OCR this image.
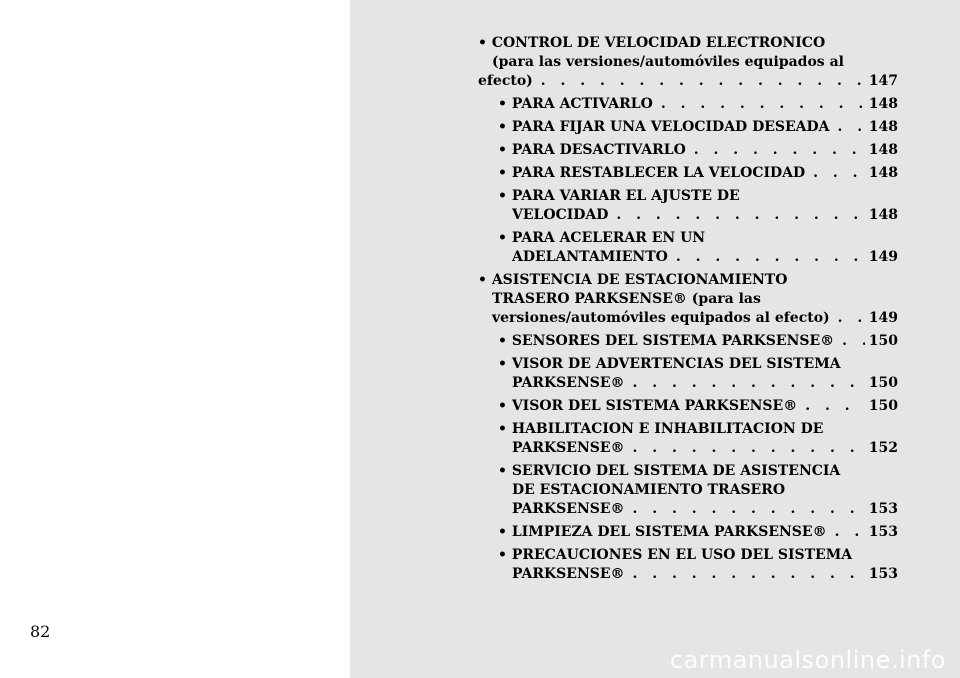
82
• CONTROL DE VELOCIDAD ELECTRONICO
(para las versiones/automóviles equipados al
efecto) . . .	147
• PARA ACTIVARLO . . .	148
• PARA FIJAR UNA VELOCIDAD DESEADA . . .	148
• PARA DESACTIVARLO . . .	148
• PARA RESTABLECER LA VELOCIDAD . . .	148
• PARA VARIAR EL AJUSTE DE
VELOCIDAD . . .	148
• PARA ACELERAR EN UN
ADELANTAMIENTO . . .	149
• ASISTENCIA DE ESTACIONAMIENTO
TRASERO PARKSENSE® (para las
versiones/automóviles equipados al efecto) . . .	149
• SENSORES DEL SISTEMA PARKSENSE® . . . 150
• VISOR DE ADVERTENCIAS DEL SISTEMA
PARKSENSE® . . .	150
• VISOR DEL SISTEMA PARKSENSE® . . .	150
• HABILITACION E INHABILITACION DE
PARKSENSE® . . .	152
• SERVICIO DEL SISTEMA DE ASISTENCIA
DE ESTACIONAMIENTO TRASERO
PARKSENSE® . . .	153
• LIMPIEZA DEL SISTEMA PARKSENSE® . . .	153
• PRECAUCIONES EN EL USO DEL SISTEMA
PARKSENSE® . . .	153
carmanualsonline.info
